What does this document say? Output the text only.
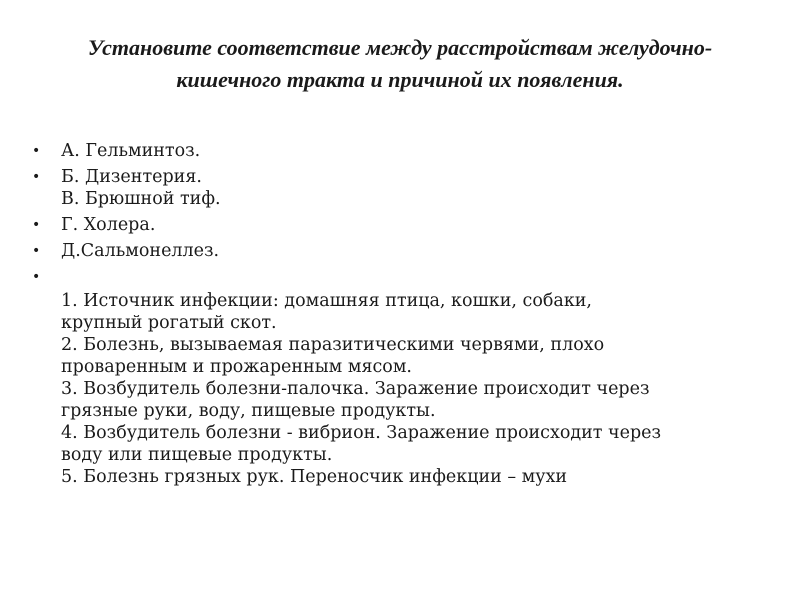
Установите соответствие между расстройствам желудочно-
кишечного тракта и причиной их появления.
• А. Гельминтоз.
• Б. Дизентерия.
В. Брюшной тиф.
• Г. Холера.
• Д.Сальмонеллез.
•
1. Источник инфекции: домашняя птица, кошки, собаки,
крупный рогатый скот.
2. Болезнь, вызываемая паразитическими червями, плохо
проваренным и прожаренным мясом.
3. Возбудитель болезни-палочка. Заражение происходит через
грязные руки, воду, пищевые продукты.
4. Возбудитель болезни - вибрион. Заражение происходит через
воду или пищевые продукты.
5. Болезнь грязных рук. Переносчик инфекции – мухи
